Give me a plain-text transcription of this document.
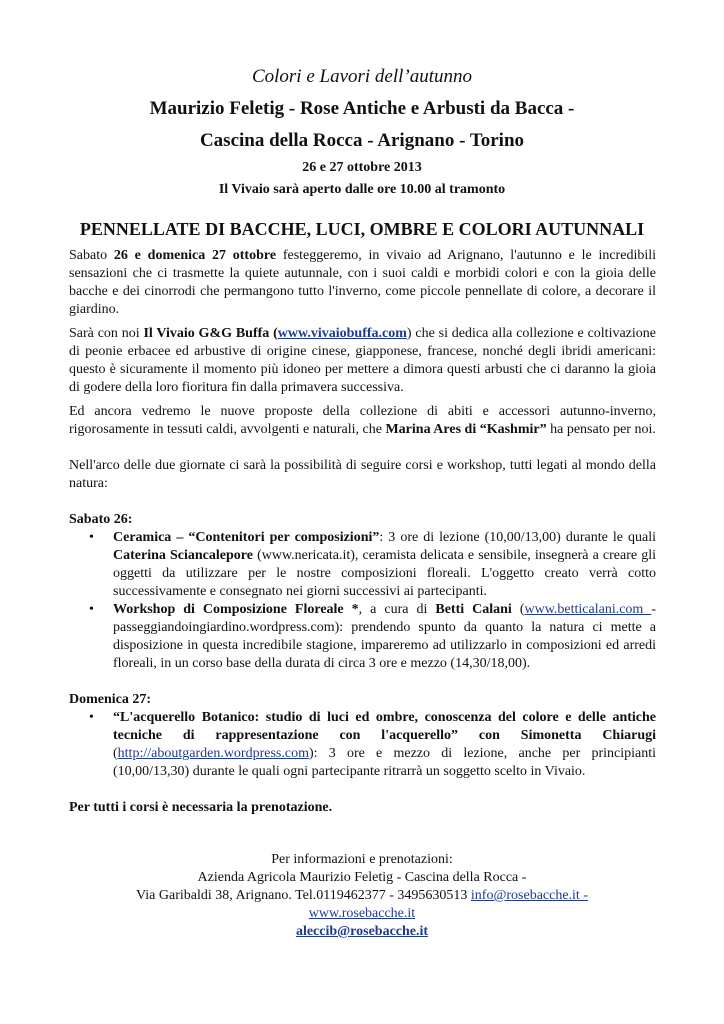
Colori e Lavori dell’autunno
Maurizio Feletig - Rose Antiche e Arbusti da Bacca -
Cascina della Rocca - Arignano - Torino
26 e 27 ottobre 2013
Il Vivaio sarà aperto dalle ore 10.00 al tramonto
PENNELLATE DI BACCHE, LUCI, OMBRE E COLORI AUTUNNALI

Sabato 26 e domenica 27 ottobre festeggeremo, in vivaio ad Arignano, l'autunno e le incredibili sensazioni che ci trasmette la quiete autunnale, con i suoi caldi e morbidi colori e con la gioia delle bacche e dei cinorrodi che permangono tutto l'inverno, come piccole pennellate di colore, a decorare il giardino.

Sarà con noi Il Vivaio G&G Buffa (www.vivaiobuffa.com) che si dedica alla collezione e coltivazione di peonie erbacee ed arbustive di origine cinese, giapponese, francese, nonché degli ibridi americani: questo è sicuramente il momento più idoneo per mettere a dimora questi arbusti che ci daranno la gioia di godere della loro fioritura fin dalla primavera successiva.

Ed ancora vedremo le nuove proposte della collezione di abiti e accessori autunno-inverno, rigorosamente in tessuti caldi, avvolgenti e naturali, che Marina Ares di “Kashmir” ha pensato per noi.

Nell'arco delle due giornate ci sarà la possibilità di seguire corsi e workshop, tutti legati al mondo della natura:

Sabato 26:

• Ceramica – “Contenitori per composizioni”: 3 ore di lezione (10,00/13,00) durante le quali Caterina Sciancalepore (www.nericata.it), ceramista delicata e sensibile, insegnerà a creare gli oggetti da utilizzare per le nostre composizioni floreali. L'oggetto creato verrà cotto successivamente e consegnato nei giorni successivi ai partecipanti.
• Workshop di Composizione Floreale *, a cura di Betti Calani (www.betticalani.com - passeggiandoingiardino.wordpress.com): prendendo spunto da quanto la natura ci mette a disposizione in questa incredibile stagione, impareremo ad utilizzarlo in composizioni ed arredi floreali, in un corso base della durata di circa 3 ore e mezzo (14,30/18,00).

Domenica 27:

• “L'acquerello Botanico: studio di luci ed ombre, conoscenza del colore e delle antiche tecniche di rappresentazione con l'acquerello” con Simonetta Chiarugi (http://aboutgarden.wordpress.com): 3 ore e mezzo di lezione, anche per principianti (10,00/13,30) durante le quali ogni partecipante ritrarrà un soggetto scelto in Vivaio.

Per tutti i corsi è necessaria la prenotazione.

Per informazioni e prenotazioni:
Azienda Agricola Maurizio Feletig - Cascina della Rocca -
Via Garibaldi 38, Arignano. Tel.0119462377 - 3495630513 info@rosebacche.it -
www.rosebacche.it
aleccib@rosebacche.it
